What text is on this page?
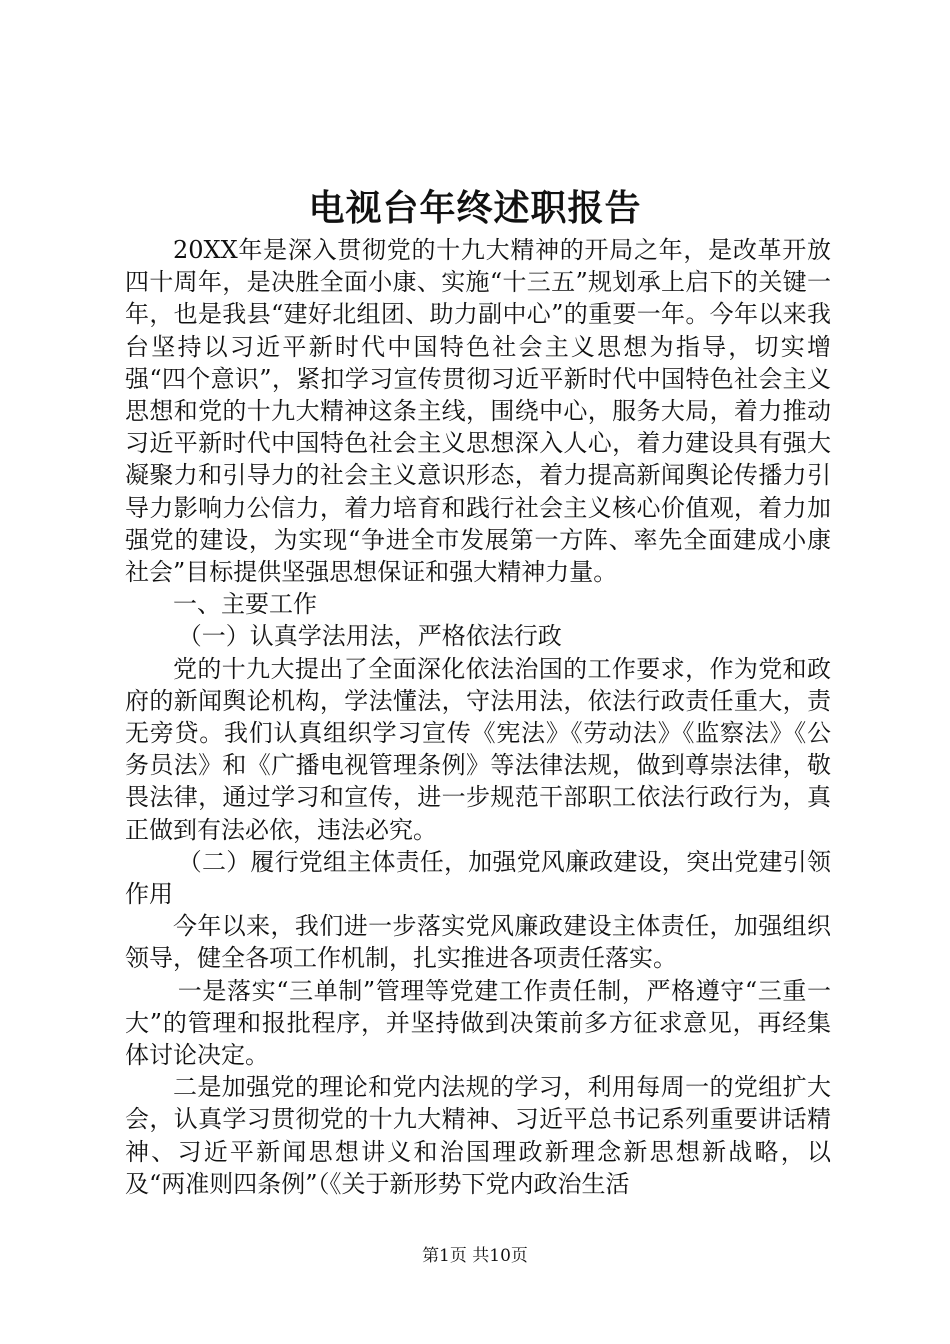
电视台年终述职报告

20XX年是深入贯彻党的十九大精神的开局之年，是改革开放四十周年，是决胜全面小康、实施“十三五”规划承上启下的关键一年，也是我县“建好北组团、助力副中心”的重要一年。今年以来我台坚持以习近平新时代中国特色社会主义思想为指导，切实增强“四个意识”，紧扣学习宣传贯彻习近平新时代中国特色社会主义思想和党的十九大精神这条主线，围绕中心，服务大局，着力推动习近平新时代中国特色社会主义思想深入人心，着力建设具有强大凝聚力和引导力的社会主义意识形态，着力提高新闻舆论传播力引导力影响力公信力，着力培育和践行社会主义核心价值观，着力加强党的建设，为实现“争进全市发展第一方阵、率先全面建成小康社会”目标提供坚强思想保证和强大精神力量。

一、主要工作

（一）认真学法用法，严格依法行政

党的十九大提出了全面深化依法治国的工作要求，作为党和政府的新闻舆论机构，学法懂法，守法用法，依法行政责任重大，责无旁贷。我们认真组织学习宣传《宪法》《劳动法》《监察法》《公务员法》和《广播电视管理条例》等法律法规，做到尊崇法律，敬畏法律，通过学习和宣传，进一步规范干部职工依法行政行为，真正做到有法必依，违法必究。

（二）履行党组主体责任，加强党风廉政建设，突出党建引领作用

今年以来，我们进一步落实党风廉政建设主体责任，加强组织领导，健全各项工作机制，扎实推进各项责任落实。

一是落实“三单制”管理等党建工作责任制，严格遵守“三重一大”的管理和报批程序，并坚持做到决策前多方征求意见，再经集体讨论决定。

二是加强党的理论和党内法规的学习，利用每周一的党组扩大会，认真学习贯彻党的十九大精神、习近平总书记系列重要讲话精神、习近平新闻思想讲义和治国理政新理念新思想新战略，以及“两准则四条例”（《关于新形势下党内政治生活

第1页 共10页
